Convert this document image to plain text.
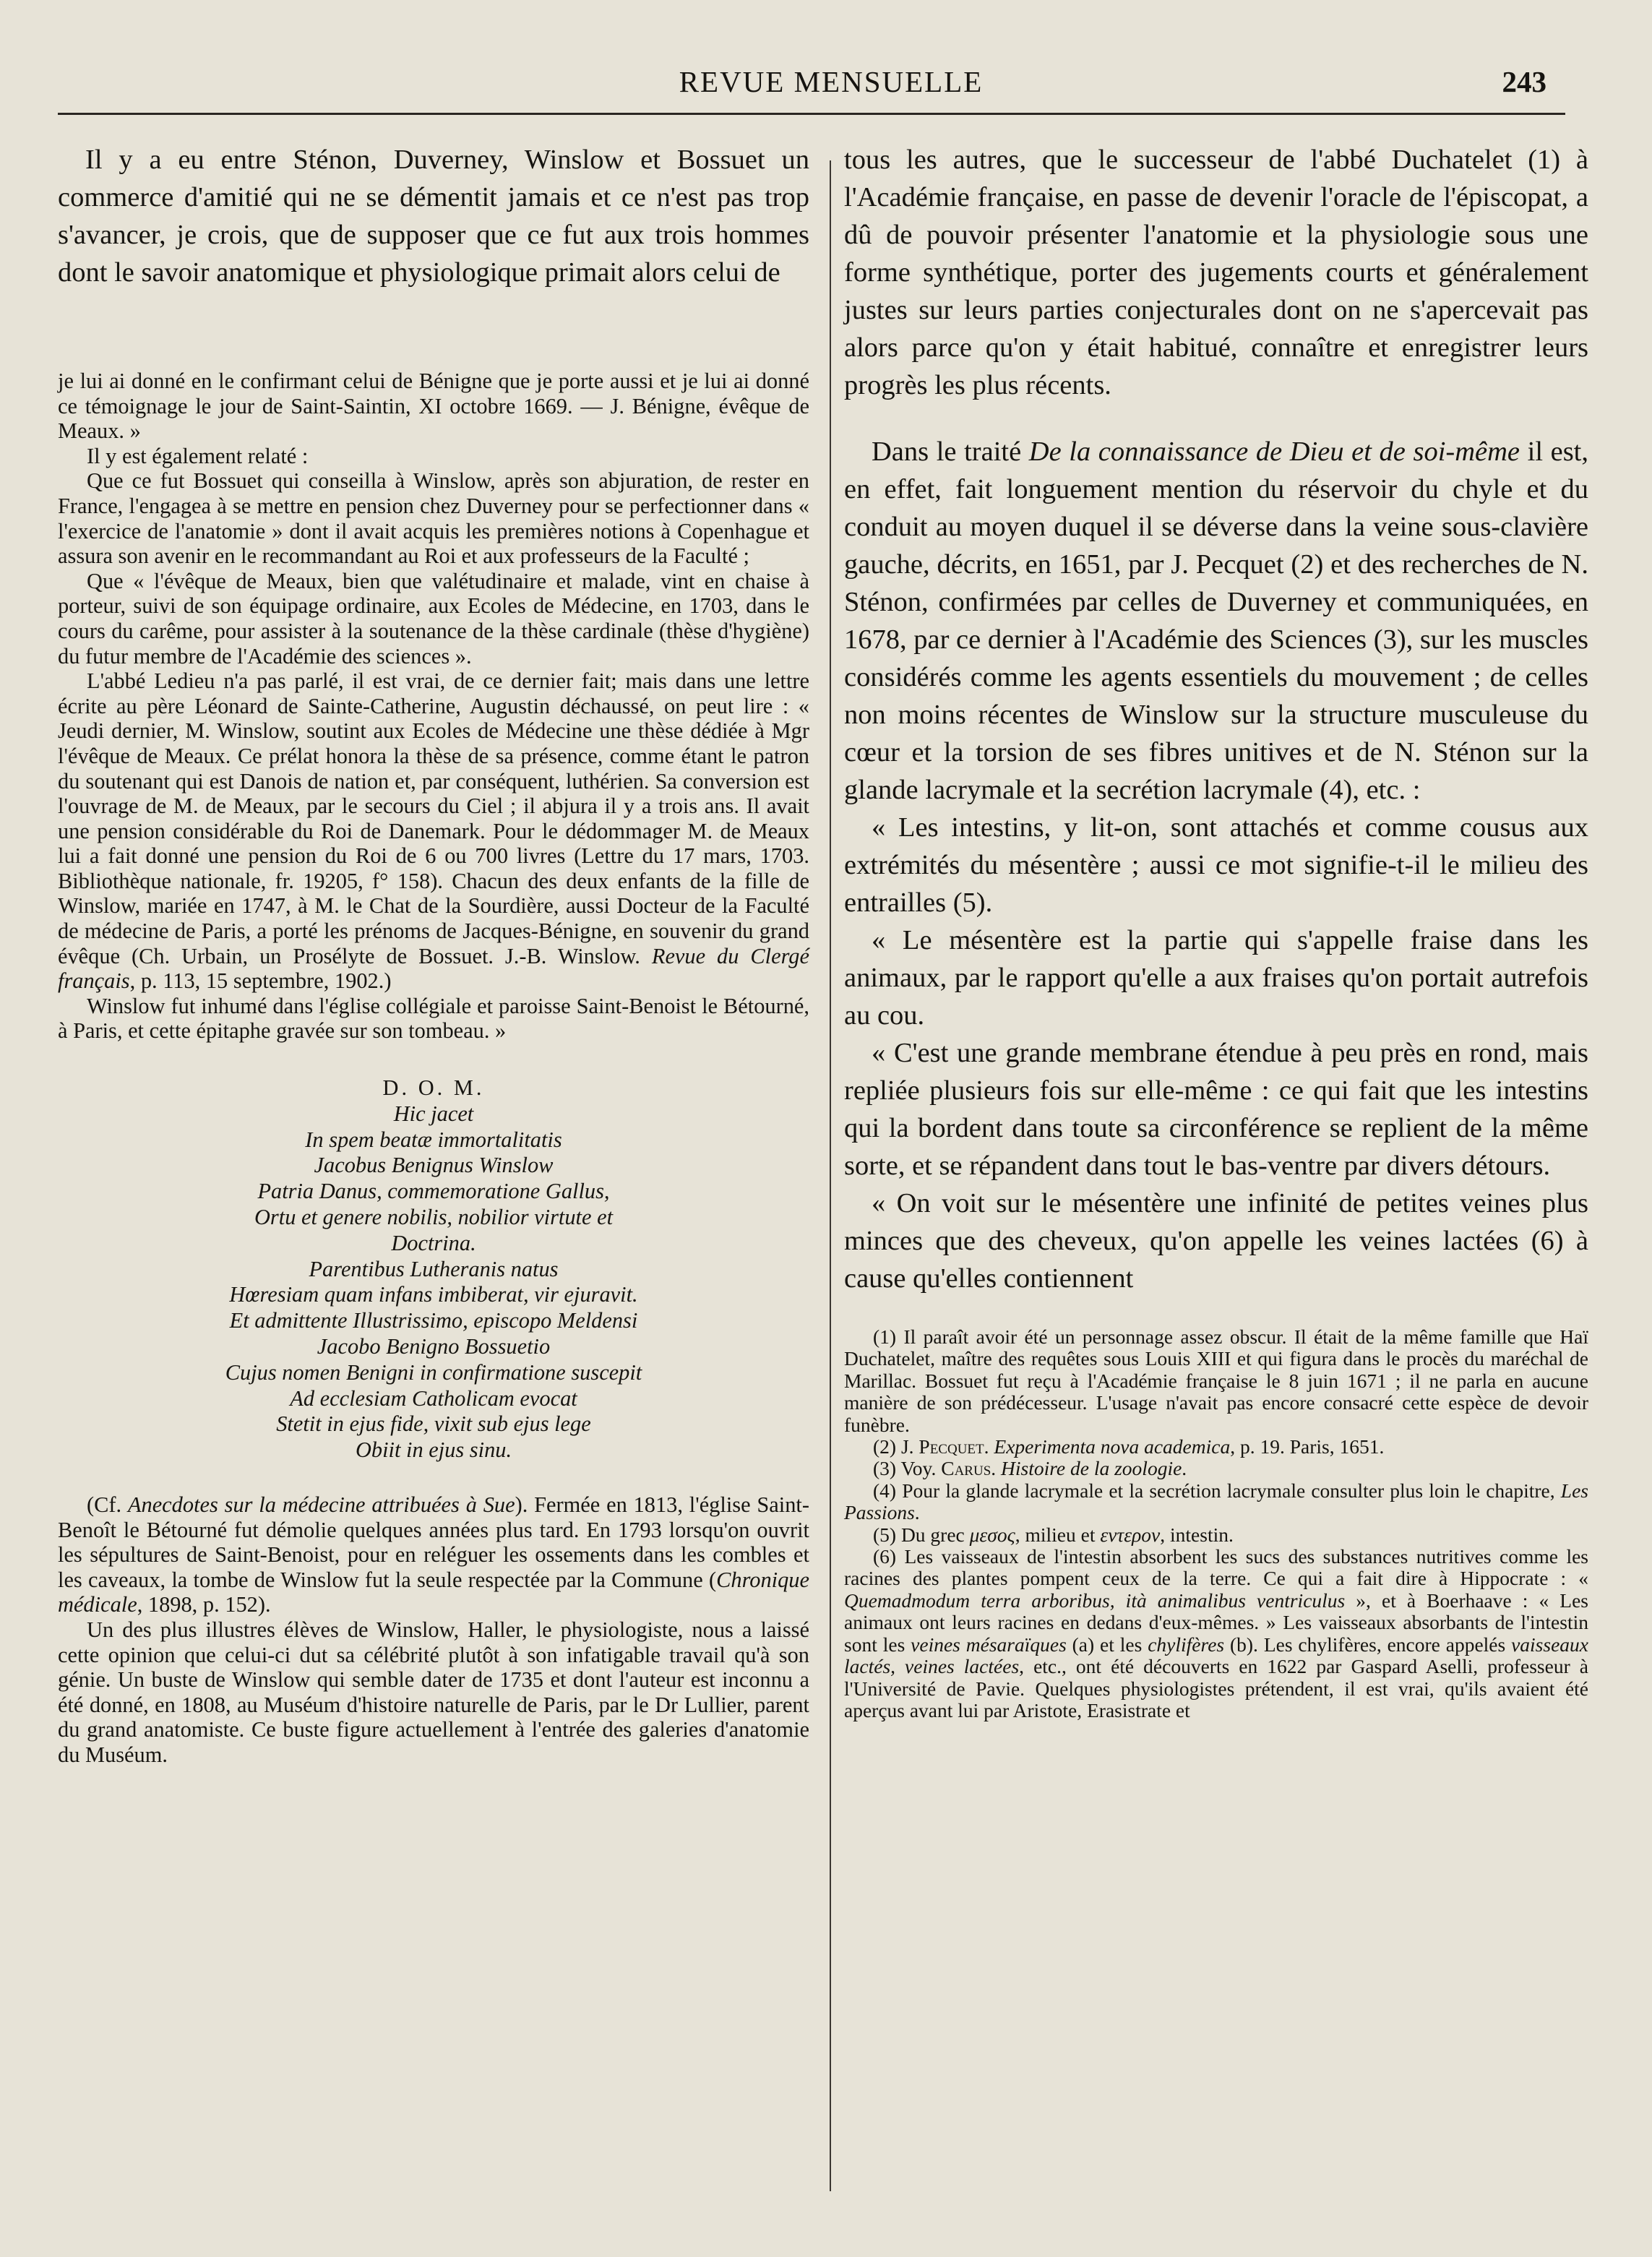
REVUE MENSUELLE	243

Il y a eu entre Sténon, Duverney, Winslow et Bossuet un commerce d'amitié qui ne se démentit jamais et ce n'est pas trop s'avancer, je crois, que de supposer que ce fut aux trois hommes dont le savoir anatomique et physiologique primait alors celui de

je lui ai donné en le confirmant celui de Bénigne que je porte aussi et je lui ai donné ce témoignage le jour de Saint-Saintin, XI octobre 1669. — J. Bénigne, évêque de Meaux. »

Il y est également relaté :

Que ce fut Bossuet qui conseilla à Winslow, après son abjuration, de rester en France, l'engagea à se mettre en pension chez Duverney pour se perfectionner dans « l'exercice de l'anatomie » dont il avait acquis les premières notions à Copenhague et assura son avenir en le recommandant au Roi et aux professeurs de la Faculté ;

Que « l'évêque de Meaux, bien que valétudinaire et malade, vint en chaise à porteur, suivi de son équipage ordinaire, aux Ecoles de Médecine, en 1703, dans le cours du carême, pour assister à la soutenance de la thèse cardinale (thèse d'hygiène) du futur membre de l'Académie des sciences ».

L'abbé Ledieu n'a pas parlé, il est vrai, de ce dernier fait; mais dans une lettre écrite au père Léonard de Sainte-Catherine, Augustin déchaussé, on peut lire : « Jeudi dernier, M. Winslow, soutint aux Ecoles de Médecine une thèse dédiée à Mgr l'évêque de Meaux. Ce prélat honora la thèse de sa présence, comme étant le patron du soutenant qui est Danois de nation et, par conséquent, luthérien. Sa conversion est l'ouvrage de M. de Meaux, par le secours du Ciel ; il abjura il y a trois ans. Il avait une pension considérable du Roi de Danemark. Pour le dédommager M. de Meaux lui a fait donné une pension du Roi de 6 ou 700 livres (Lettre du 17 mars, 1703. Bibliothèque nationale, fr. 19205, f° 158). Chacun des deux enfants de la fille de Winslow, mariée en 1747, à M. le Chat de la Sourdière, aussi Docteur de la Faculté de médecine de Paris, a porté les prénoms de Jacques-Bénigne, en souvenir du grand évêque (Ch. Urbain, un Prosélyte de Bossuet. J.-B. Winslow. Revue du Clergé français, p. 113, 15 septembre, 1902.)

Winslow fut inhumé dans l'église collégiale et paroisse Saint-Benoist le Bétourné, à Paris, et cette épitaphe gravée sur son tombeau. »

D. O. M.

Hic jacet

In spem beatæ immortalitatis

Jacobus Benignus Winslow

Patria Danus, commemoratione Gallus,

Ortu et genere nobilis, nobilior virtute et

Doctrina.

Parentibus Lutheranis natus

Hœresiam quam infans imbiberat, vir ejuravit.

Et admittente Illustrissimo, episcopo Meldensi

Jacobo Benigno Bossuetio

Cujus nomen Benigni in confirmatione suscepit

Ad ecclesiam Catholicam evocat

Stetit in ejus fide, vixit sub ejus lege

Obiit in ejus sinu.

(Cf. Anecdotes sur la médecine attribuées à Sue). Fermée en 1813, l'église Saint-Benoît le Bétourné fut démolie quelques années plus tard. En 1793 lorsqu'on ouvrit les sépultures de Saint-Benoist, pour en reléguer les ossements dans les combles et les caveaux, la tombe de Winslow fut la seule respectée par la Commune (Chronique médicale, 1898, p. 152).

Un des plus illustres élèves de Winslow, Haller, le physiologiste, nous a laissé cette opinion que celui-ci dut sa célébrité plutôt à son infatigable travail qu'à son génie. Un buste de Winslow qui semble dater de 1735 et dont l'auteur est inconnu a été donné, en 1808, au Muséum d'histoire naturelle de Paris, par le Dr Lullier, parent du grand anatomiste. Ce buste figure actuellement à l'entrée des galeries d'anatomie du Muséum.

tous les autres, que le successeur de l'abbé Duchatelet (1) à l'Académie française, en passe de devenir l'oracle de l'épiscopat, a dû de pouvoir présenter l'anatomie et la physiologie sous une forme synthétique, porter des jugements courts et généralement justes sur leurs parties conjecturales dont on ne s'apercevait pas alors parce qu'on y était habitué, connaître et enregistrer leurs progrès les plus récents.

Dans le traité De la connaissance de Dieu et de soi-même il est, en effet, fait longuement mention du réservoir du chyle et du conduit au moyen duquel il se déverse dans la veine sous-clavière gauche, décrits, en 1651, par J. Pecquet (2) et des recherches de N. Sténon, confirmées par celles de Duverney et communiquées, en 1678, par ce dernier à l'Académie des Sciences (3), sur les muscles considérés comme les agents essentiels du mouvement ; de celles non moins récentes de Winslow sur la structure musculeuse du cœur et la torsion de ses fibres unitives et de N. Sténon sur la glande lacrymale et la secrétion lacrymale (4), etc. :

« Les intestins, y lit-on, sont attachés et comme cousus aux extrémités du mésentère ; aussi ce mot signifie-t-il le milieu des entrailles (5).

« Le mésentère est la partie qui s'appelle fraise dans les animaux, par le rapport qu'elle a aux fraises qu'on portait autrefois au cou.

« C'est une grande membrane étendue à peu près en rond, mais repliée plusieurs fois sur elle-même : ce qui fait que les intestins qui la bordent dans toute sa circonférence se replient de la même sorte, et se répandent dans tout le bas-ventre par divers détours.

« On voit sur le mésentère une infinité de petites veines plus minces que des cheveux, qu'on appelle les veines lactées (6) à cause qu'elles contiennent

(1) Il paraît avoir été un personnage assez obscur. Il était de la même famille que Haï Duchatelet, maître des requêtes sous Louis XIII et qui figura dans le procès du maréchal de Marillac. Bossuet fut reçu à l'Académie française le 8 juin 1671 ; il ne parla en aucune manière de son prédécesseur. L'usage n'avait pas encore consacré cette espèce de devoir funèbre.

(2) J. Pecquet. Experimenta nova academica, p. 19. Paris, 1651.

(3) Voy. Carus. Histoire de la zoologie.

(4) Pour la glande lacrymale et la secrétion lacrymale consulter plus loin le chapitre, Les Passions.

(5) Du grec μεσος, milieu et εντερον, intestin.

(6) Les vaisseaux de l'intestin absorbent les sucs des substances nutritives comme les racines des plantes pompent ceux de la terre. Ce qui a fait dire à Hippocrate : « Quemadmodum terra arboribus, ità animalibus ventriculus », et à Boerhaave : « Les animaux ont leurs racines en dedans d'eux-mêmes. » Les vaisseaux absorbants de l'intestin sont les veines mésaraïques (a) et les chylifères (b). Les chylifères, encore appelés vaisseaux lactés, veines lactées, etc., ont été découverts en 1622 par Gaspard Aselli, professeur à l'Université de Pavie. Quelques physiologistes prétendent, il est vrai, qu'ils avaient été aperçus avant lui par Aristote, Erasistrate et
